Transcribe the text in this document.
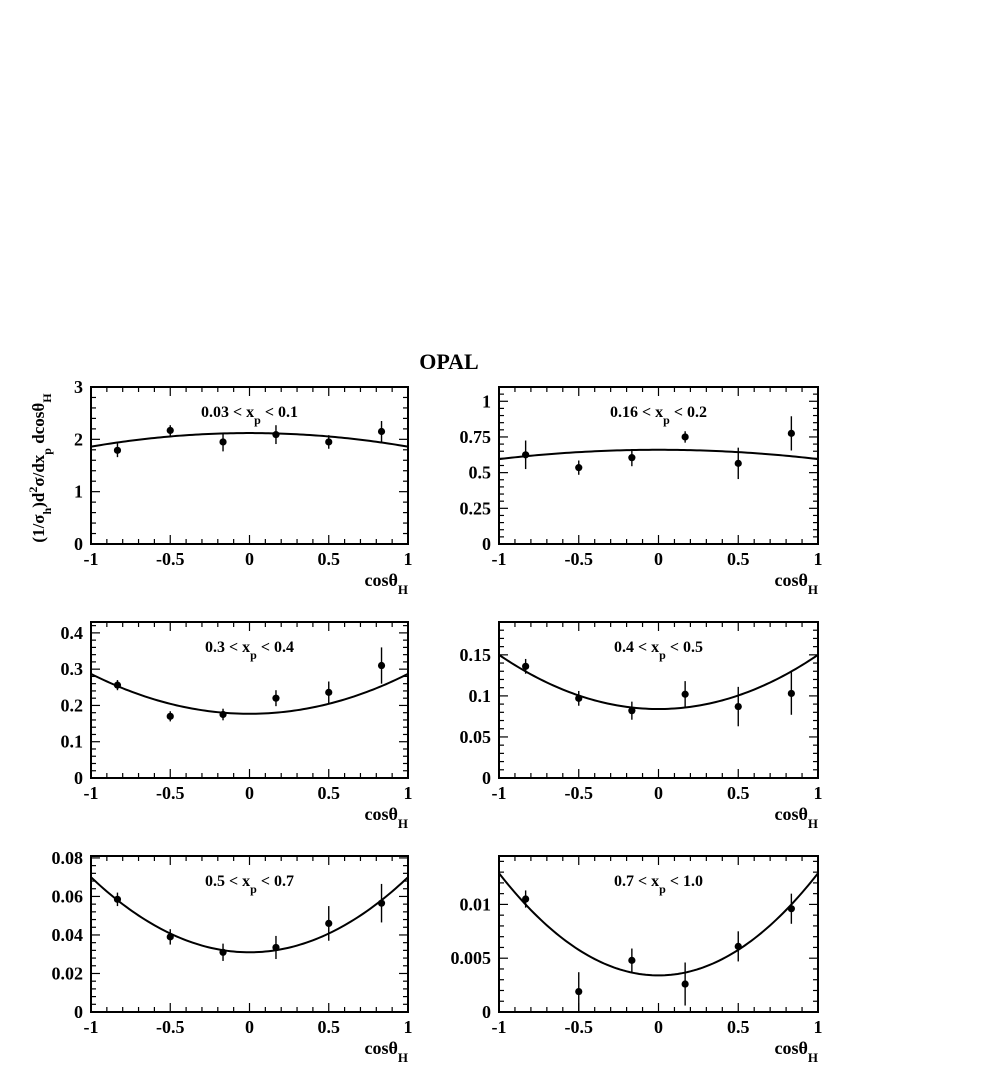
OPAL
$(1/\sigma_h)d^2\sigma/dx_p$ dcosθ$_H$
-1	-0.5	0	0.5	1
0
1
2
3
cosθ$_H$
$0.03 < x_p < 0.1$
-1	-0.5	0	0.5	1
0
0.25
0.5
0.75
1
cosθ$_H$
$0.16 < x_p < 0.2$
-1	-0.5	0	0.5	1
0
0.1
0.2
0.3
0.4
cosθ$_H$
$0.3 < x_p < 0.4$
-1	-0.5	0	0.5	1
0
0.05
0.1
0.15
cosθ$_H$
$0.4 < x_p < 0.5$
-1	-0.5	0	0.5	1
0
0.02
0.04
0.06
0.08
cosθ$_H$
$0.5 < x_p < 0.7$
-1	-0.5	0	0.5	1
0
0.005
0.01
cosθ$_H$
$0.7 < x_p < 1.0$
